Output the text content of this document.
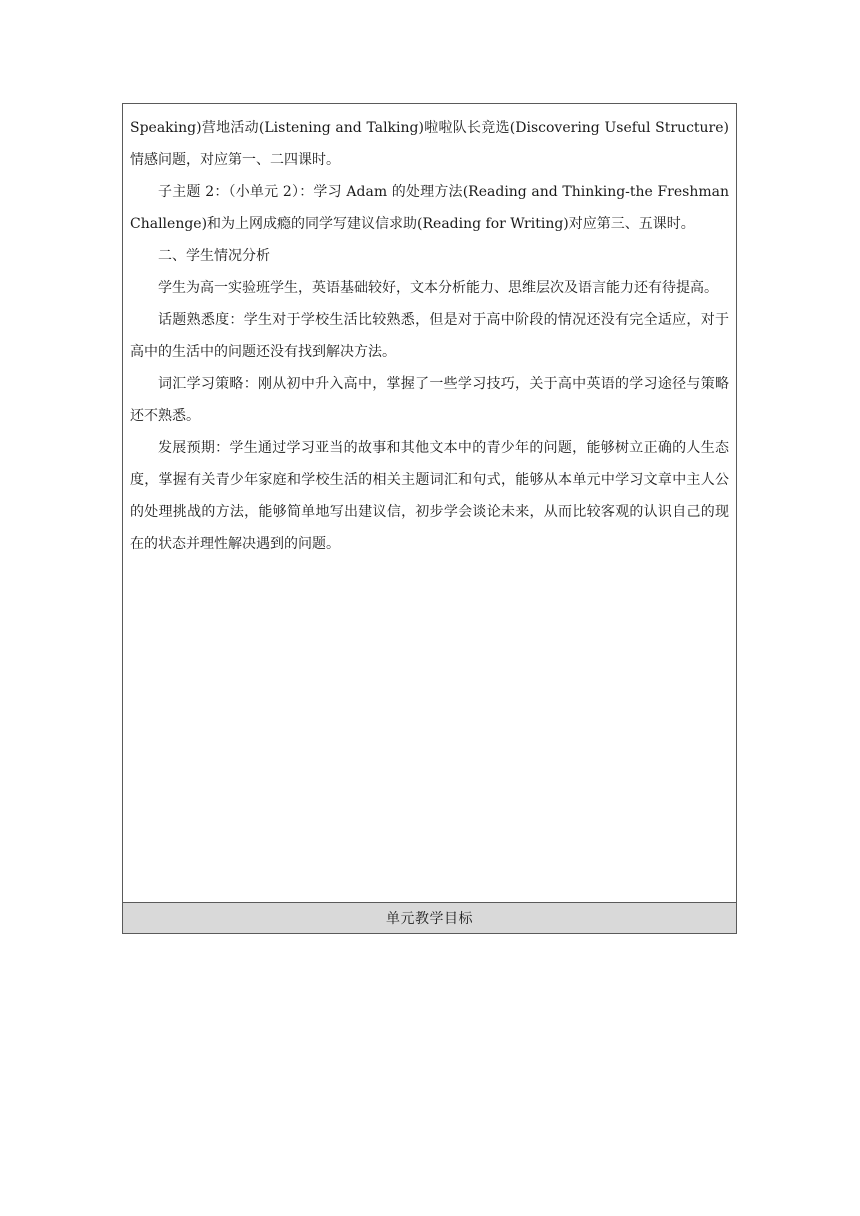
Speaking)营地活动(Listening and Talking)啦啦队长竞选(Discovering Useful Structure)情感问题，对应第一、二四课时。

子主题 2：（小单元 2）：学习 Adam 的处理方法(Reading and Thinking-the Freshman Challenge)和为上网成瘾的同学写建议信求助(Reading for Writing)对应第三、五课时。

二、学生情况分析

学生为高一实验班学生，英语基础较好，文本分析能力、思维层次及语言能力还有待提高。

话题熟悉度：学生对于学校生活比较熟悉，但是对于高中阶段的情况还没有完全适应，对于高中的生活中的问题还没有找到解决方法。

词汇学习策略：刚从初中升入高中，掌握了一些学习技巧，关于高中英语的学习途径与策略还不熟悉。

发展预期：学生通过学习亚当的故事和其他文本中的青少年的问题，能够树立正确的人生态度，掌握有关青少年家庭和学校生活的相关主题词汇和句式，能够从本单元中学习文章中主人公的处理挑战的方法，能够简单地写出建议信，初步学会谈论未来，从而比较客观的认识自己的现在的状态并理性解决遇到的问题。

单元教学目标
